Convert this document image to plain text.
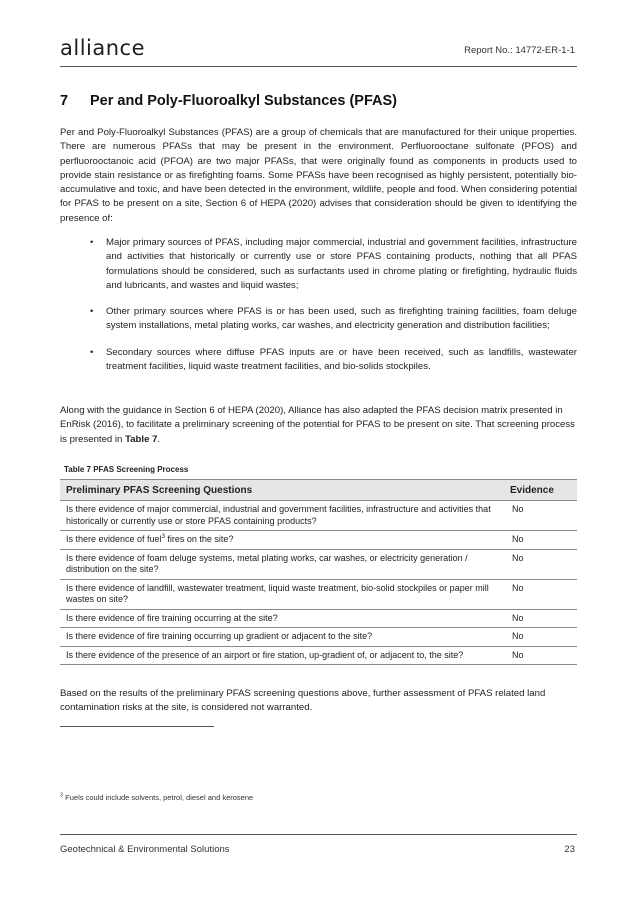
alliance	Report No.: 14772-ER-1-1
7 Per and Poly-Fluoroalkyl Substances (PFAS)
Per and Poly-Fluoroalkyl Substances (PFAS) are a group of chemicals that are manufactured for their unique properties. There are numerous PFASs that may be present in the environment. Perfluorooctane sulfonate (PFOS) and perfluorooctanoic acid (PFOA) are two major PFASs, that were originally found as components in products used to provide stain resistance or as firefighting foams. Some PFASs have been recognised as highly persistent, potentially bio-accumulative and toxic, and have been detected in the environment, wildlife, people and food. When considering potential for PFAS to be present on a site, Section 6 of HEPA (2020) advises that consideration should be given to identifying the presence of:
• Major primary sources of PFAS, including major commercial, industrial and government facilities, infrastructure and activities that historically or currently use or store PFAS containing products, nothing that all PFAS formulations should be considered, such as surfactants used in chrome plating or firefighting, hydraulic fluids and lubricants, and wastes and liquid wastes;
• Other primary sources where PFAS is or has been used, such as firefighting training facilities, foam deluge system installations, metal plating works, car washes, and electricity generation and distribution facilities;
• Secondary sources where diffuse PFAS inputs are or have been received, such as landfills, wastewater treatment facilities, liquid waste treatment facilities, and bio-solids stockpiles.
Along with the guidance in Section 6 of HEPA (2020), Alliance has also adapted the PFAS decision matrix presented in EnRisk (2016), to facilitate a preliminary screening of the potential for PFAS to be present on site. That screening process is presented in Table 7.
Table 7 PFAS Screening Process
Preliminary PFAS Screening Questions	Evidence
Is there evidence of major commercial, industrial and government facilities, infrastructure and activities that historically or currently use or store PFAS containing products?	No
Is there evidence of fuel$^3$ fires on the site?	No
Is there evidence of foam deluge systems, metal plating works, car washes, or electricity generation / distribution on the site?	No
Is there evidence of landfill, wastewater treatment, liquid waste treatment, bio-solid stockpiles or paper mill wastes on site?	No
Is there evidence of fire training occurring at the site?	No
Is there evidence of fire training occurring up gradient or adjacent to the site?	No
Is there evidence of the presence of an airport or fire station, up-gradient of, or adjacent to, the site?	No
Based on the results of the preliminary PFAS screening questions above, further assessment of PFAS related land contamination risks at the site, is considered not warranted.
$^3$ Fuels could include solvents, petrol, diesel and kerosene
Geotechnical & Environmental Solutions	23
